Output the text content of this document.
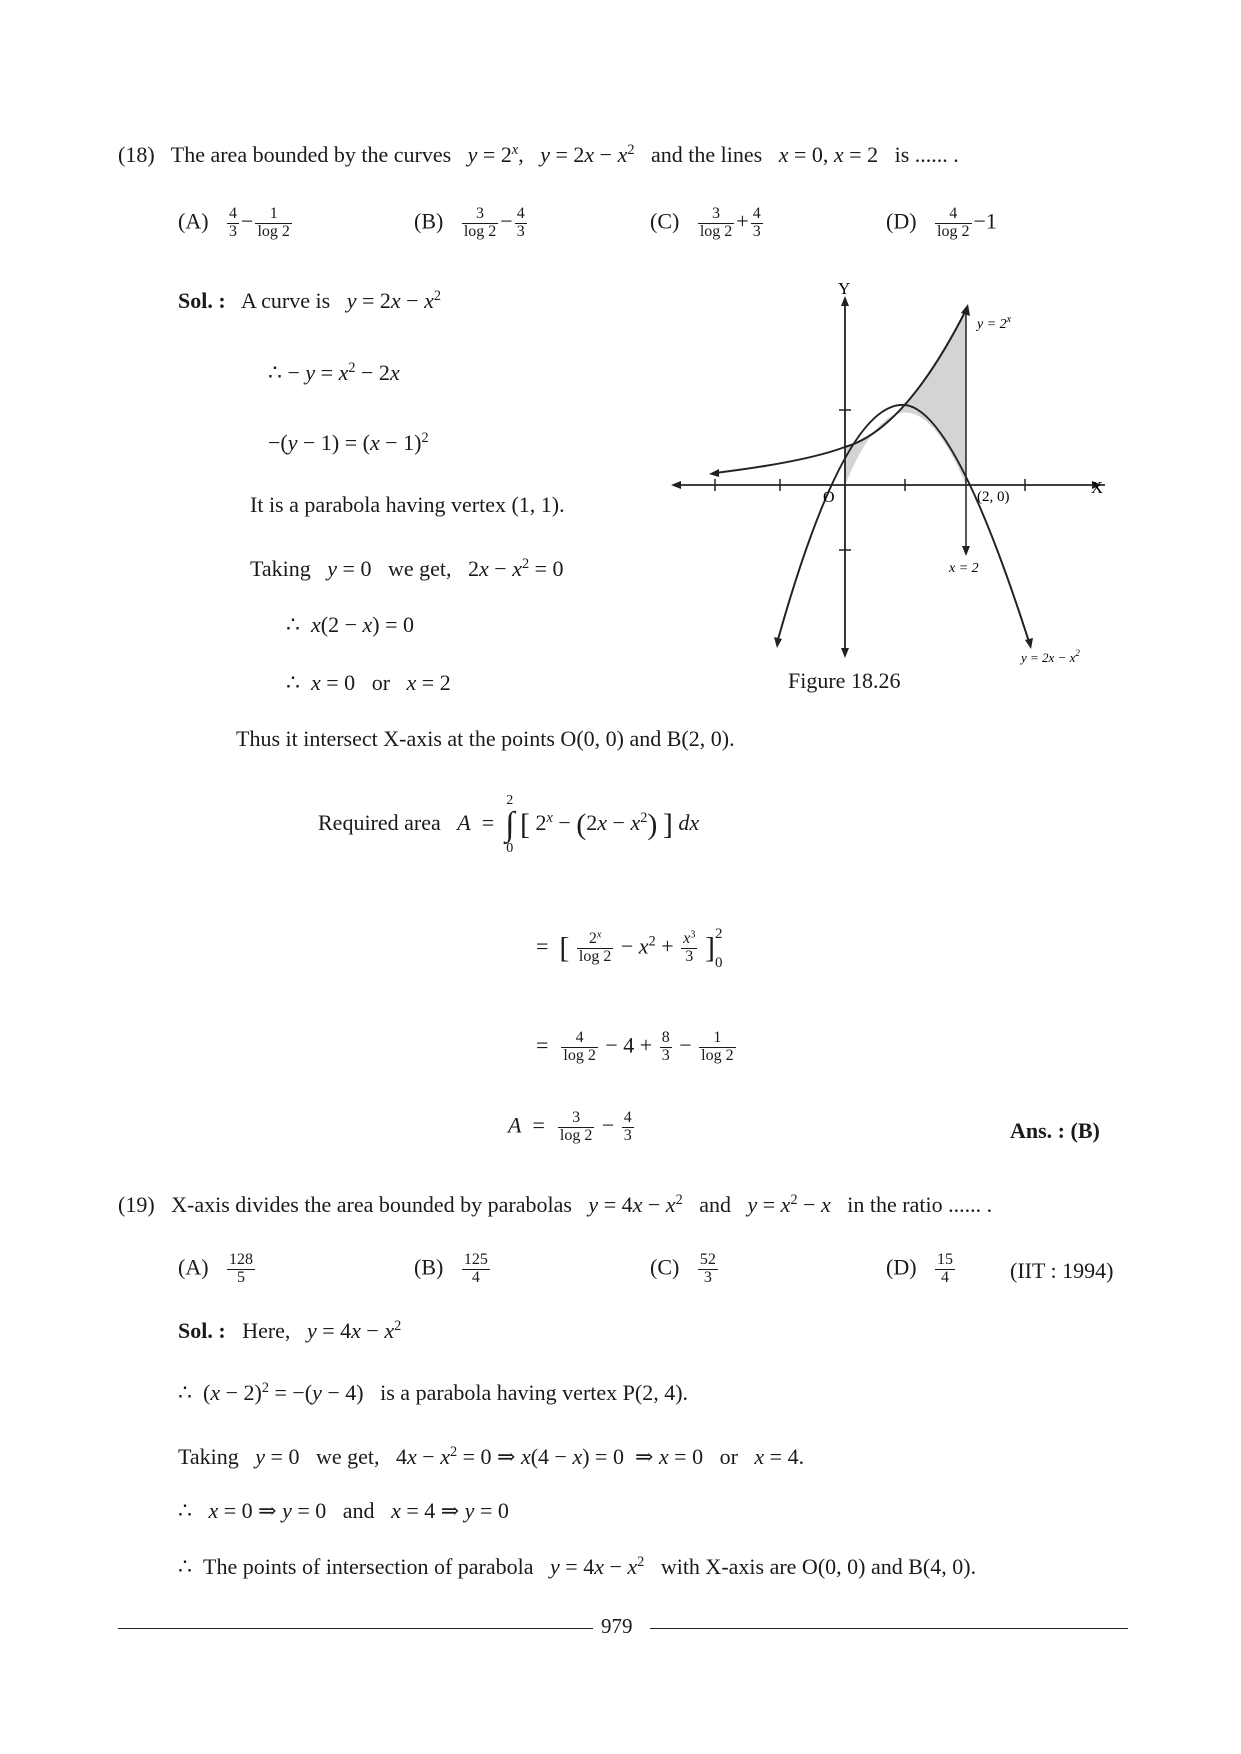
(18) The area bounded by the curves $y = 2^x$,   $y = 2x - x^2$ and the lines x = 0, x = 2   is ...... .
$(A) \frac{4}{3} - \frac{1}{\log 2}$	$(B) \frac{3}{\log 2} - \frac{4}{3}$	$(C) \frac{3}{\log 2} + \frac{4}{3}$	$(D) \frac{4}{\log 2} -1$
Sol. : A curve is $y = 2x - x^2$
∴ − $y = x^2 - 2x$
$-(y - 1) = (x - 1)^2$
It is a parabola having vertex (1, 1).
Taking y = 0   we get,   $2x - x^2 = 0$
∴  x(2 − x) = 0
∴  x = 0   or x = 2
Thus it intersect X-axis at the points O(0, 0) and B(2, 0).
Required area A  =
2
∫
0
[ $2^x - (2x - x^2)$ ] dx
=  [ $\frac{2^x}{\log 2} - x^2 + \frac{x^3}{3}$ ] 2
0
= $\frac{4}{\log 2} - 4 + \frac{8}{3} - \frac{1}{\log 2}$
$A = \frac{3}{\log 2} - \frac{4}{3}$	Ans. : (B)
Y
X
O	(2, 0)
x = 2
$y = 2^x$
$y = 2x - x^2$
Figure 18.26
(19) X-axis divides the area bounded by parabolas $y = 4x - x^2$ and $y = x^2 - x$ in the ratio ...... .
$(A) \frac{128}{5}$	$(B) \frac{125}{4}$	$(C) \frac{52}{3}$	$(D) \frac{15}{4} (IIT$ : 1994)
Sol. : Here, $y = 4x - x^2$
∴  $(x - 2)^2 = -(y - 4)$   is a parabola having vertex P(2, 4).
Taking y = 0   we get,   $4x - x^2 = 0$ ⇒ x(4 − x) = 0  ⇒ x = 0   or x = 4.
∴   x = 0 ⇒ y = 0   and x = 4 ⇒ y = 0
∴  The points of intersection of parabola $y = 4x - x^2$ with X-axis are O(0, 0) and B(4, 0).
979
